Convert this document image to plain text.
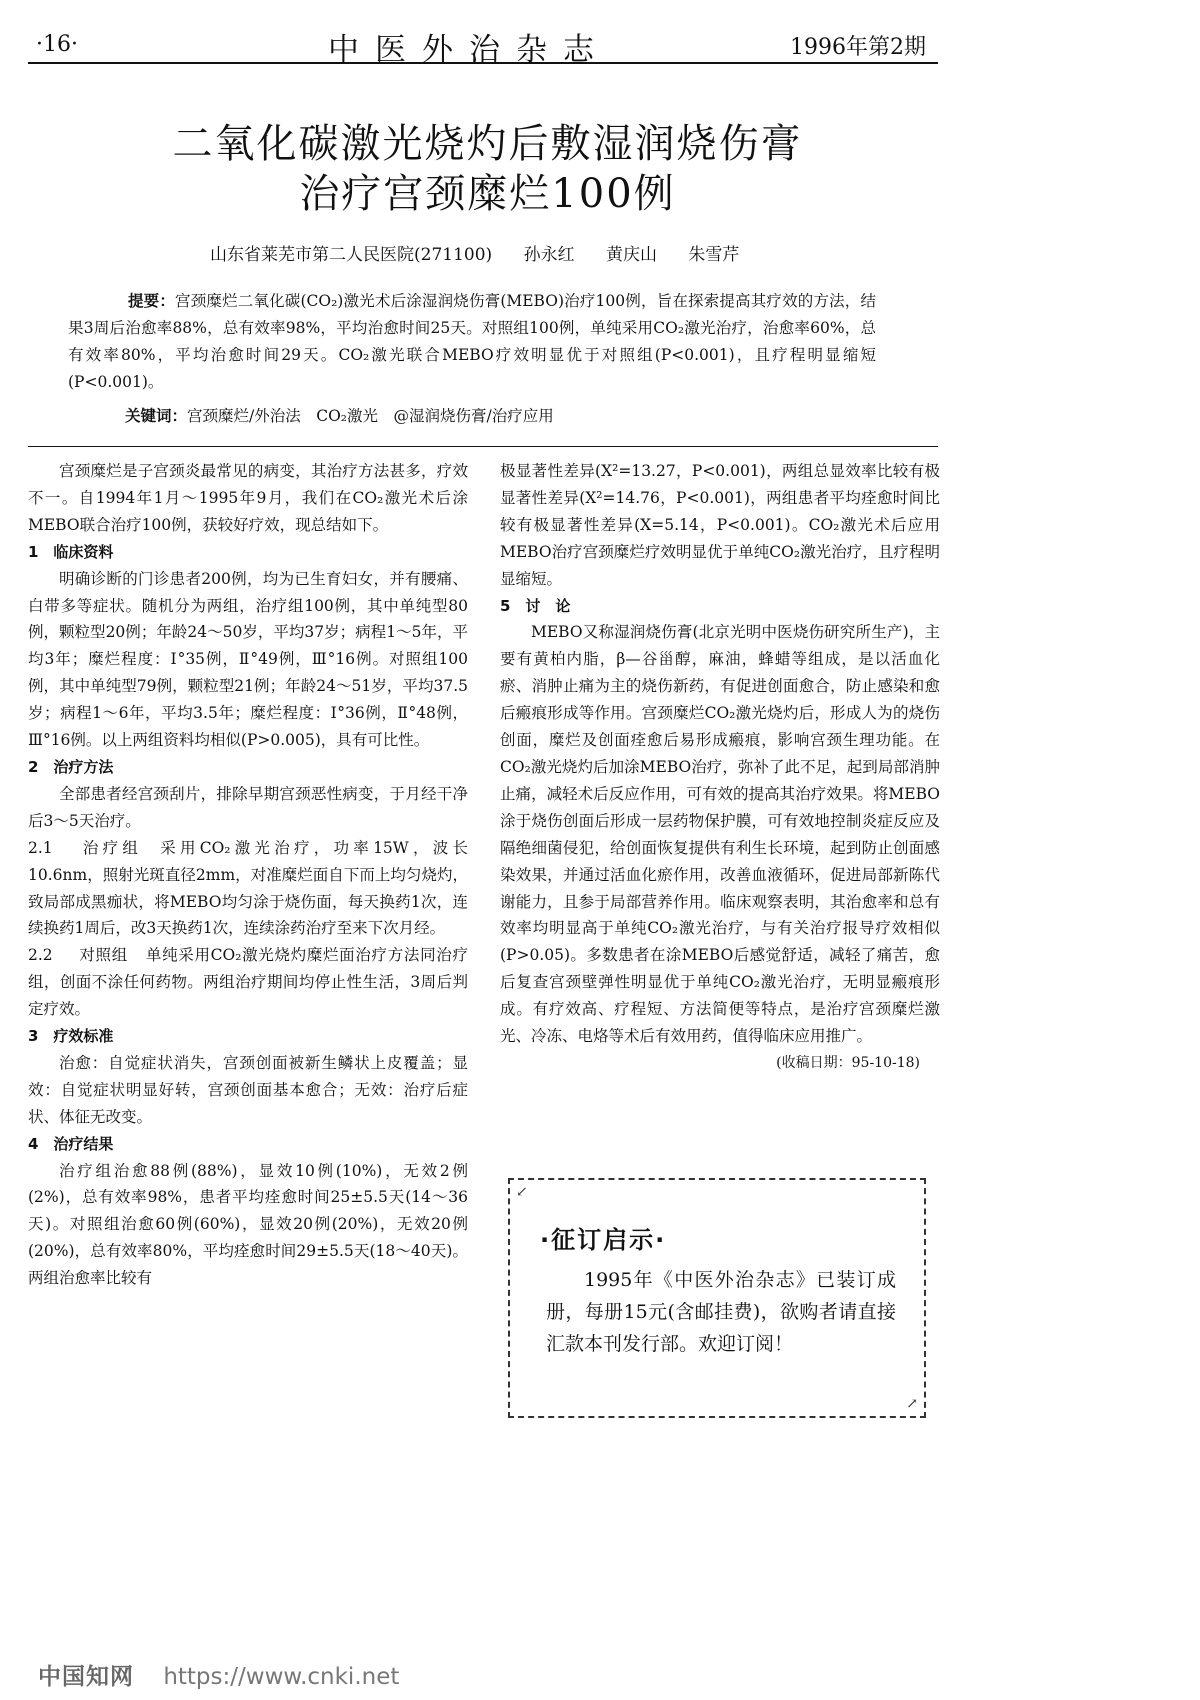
·16·	中医外治杂志	1996年第2期
二氧化碳激光烧灼后敷湿润烧伤膏
治疗宫颈糜烂100例
山东省莱芜市第二人民医院(271100) 孙永红 黄庆山 朱雪芹
提要：宫颈糜烂二氧化碳(CO₂)激光术后涂湿润烧伤膏(MEBO)治疗100例，旨在探索提高其疗效的方法，结果3周后治愈率88%，总有效率98%，平均治愈时间25天。对照组100例，单纯采用CO₂激光治疗，治愈率60%，总有效率80%，平均治愈时间29天。CO₂激光联合MEBO疗效明显优于对照组(P<0.001)，且疗程明显缩短(P<0.001)。
关键词：宫颈糜烂/外治法　CO₂激光　@湿润烧伤膏/治疗应用

宫颈糜烂是子宫颈炎最常见的病变，其治疗方法甚多，疗效不一。自1994年1月～1995年9月，我们在CO₂激光术后涂MEBO联合治疗100例，获较好疗效，现总结如下。

1　临床资料

明确诊断的门诊患者200例，均为已生育妇女，并有腰痛、白带多等症状。随机分为两组，治疗组100例，其中单纯型80例，颗粒型20例；年龄24～50岁，平均37岁；病程1～5年，平均3年；糜烂程度：Ⅰ°35例，Ⅱ°49例，Ⅲ°16例。对照组100例，其中单纯型79例，颗粒型21例；年龄24～51岁，平均37.5岁；病程1～6年，平均3.5年；糜烂程度：Ⅰ°36例，Ⅱ°48例，Ⅲ°16例。以上两组资料均相似(P>0.005)，具有可比性。

2　治疗方法

全部患者经宫颈刮片，排除早期宫颈恶性病变，于月经干净后3～5天治疗。

2.1 治疗组 采用CO₂激光治疗，功率15W，波长10.6nm，照射光斑直径2mm，对准糜烂面自下而上均匀烧灼，致局部成黑痂状，将MEBO均匀涂于烧伤面，每天换药1次，连续换药1周后，改3天换药1次，连续涂药治疗至来下次月经。

2.2 对照组 单纯采用CO₂激光烧灼糜烂面治疗方法同治疗组，创面不涂任何药物。两组治疗期间均停止性生活，3周后判定疗效。

3　疗效标准

治愈：自觉症状消失，宫颈创面被新生鳞状上皮覆盖；显效：自觉症状明显好转，宫颈创面基本愈合；无效：治疗后症状、体征无改变。

4　治疗结果

治疗组治愈88例(88%)，显效10例(10%)，无效2例(2%)，总有效率98%，患者平均痊愈时间25±5.5天(14～36天)。对照组治愈60例(60%)，显效20例(20%)，无效20例(20%)，总有效率80%，平均痊愈时间29±5.5天(18～40天)。两组治愈率比较有

极显著性差异(X²=13.27，P<0.001)，两组总显效率比较有极显著性差异(X²=14.76，P<0.001)，两组患者平均痊愈时间比较有极显著性差异(X=5.14，P<0.001)。CO₂激光术后应用MEBO治疗宫颈糜烂疗效明显优于单纯CO₂激光治疗，且疗程明显缩短。

5　讨　论

MEBO又称湿润烧伤膏(北京光明中医烧伤研究所生产)，主要有黄柏内脂，β—谷甾醇，麻油，蜂蜡等组成，是以活血化瘀、消肿止痛为主的烧伤新药，有促进创面愈合，防止感染和愈后瘢痕形成等作用。宫颈糜烂CO₂激光烧灼后，形成人为的烧伤创面，糜烂及创面痊愈后易形成瘢痕，影响宫颈生理功能。在CO₂激光烧灼后加涂MEBO治疗，弥补了此不足，起到局部消肿止痛，减轻术后反应作用，可有效的提高其治疗效果。将MEBO涂于烧伤创面后形成一层药物保护膜，可有效地控制炎症反应及隔绝细菌侵犯，给创面恢复提供有利生长环境，起到防止创面感染效果，并通过活血化瘀作用，改善血液循环，促进局部新陈代谢能力，且参于局部营养作用。临床观察表明，其治愈率和总有效率均明显高于单纯CO₂激光治疗，与有关治疗报导疗效相似(P>0.05)。多数患者在涂MEBO后感觉舒适，减轻了痛苦，愈后复查宫颈壁弹性明显优于单纯CO₂激光治疗，无明显瘢痕形成。有疗效高、疗程短、方法简便等特点，是治疗宫颈糜烂激光、冷冻、电烙等术后有效用药，值得临床应用推广。

(收稿日期：95-10-18)

↙
·征订启示·
1995年《中医外治杂志》已装订成册，每册15元(含邮挂费)，欲购者请直接汇款本刊发行部。欢迎订阅！
↗
中国知网 https://www.cnki.net
